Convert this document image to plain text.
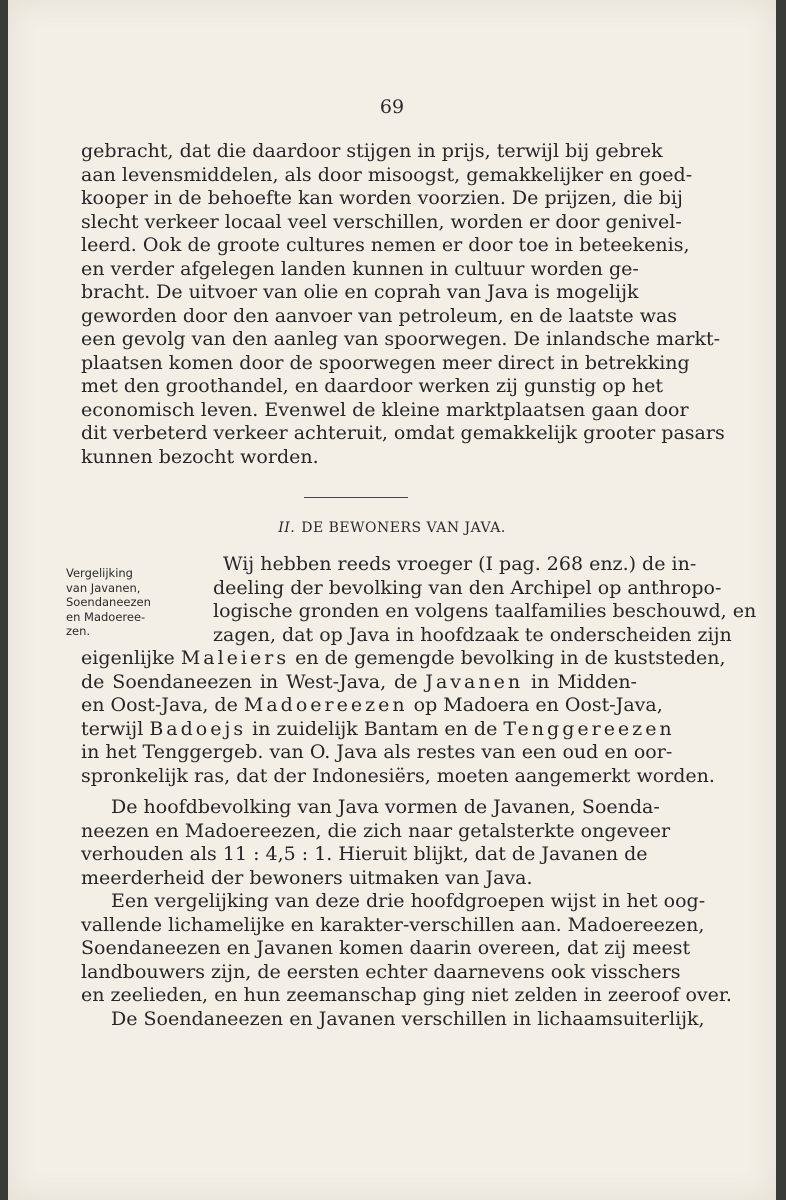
69
gebracht, dat die daardoor stijgen in prijs, terwijl bij gebrek
aan levensmiddelen, als door misoogst, gemakkelijker en goed-
kooper in de behoefte kan worden voorzien. De prijzen, die bij
slecht verkeer locaal veel verschillen, worden er door genivel-
leerd. Ook de groote cultures nemen er door toe in beteekenis,
en verder afgelegen landen kunnen in cultuur worden ge-
bracht. De uitvoer van olie en coprah van Java is mogelijk
geworden door den aanvoer van petroleum, en de laatste was
een gevolg van den aanleg van spoorwegen. De inlandsche markt-
plaatsen komen door de spoorwegen meer direct in betrekking
met den groothandel, en daardoor werken zij gunstig op het
economisch leven. Evenwel de kleine marktplaatsen gaan door
dit verbeterd verkeer achteruit, omdat gemakkelijk grooter pasars
kunnen bezocht worden.
II. DE BEWONERS VAN JAVA.
Vergelijking
van Javanen,
Soendaneezen
en Madoeree-
zen.
Wij hebben reeds vroeger (I pag. 268 enz.) de in-
deeling der bevolking van den Archipel op anthropo-
logische gronden en volgens taalfamilies beschouwd, en
zagen, dat op Java in hoofdzaak te onderscheiden zijn
eigenlijke Maleiers en de gemengde bevolking in de kuststeden,
de Soendaneezen in West-Java, de Javanen in Midden-
en Oost-Java, de Madoereezen op Madoera en Oost-Java,
terwijl Badoejs in zuidelijk Bantam en de Tenggereezen
in het Tenggergeb. van O. Java als restes van een oud en oor-
spronkelijk ras, dat der Indonesiërs, moeten aangemerkt worden.
De hoofdbevolking van Java vormen de Javanen, Soenda-
neezen en Madoereezen, die zich naar getalsterkte ongeveer
verhouden als 11 : 4,5 : 1. Hieruit blijkt, dat de Javanen de
meerderheid der bewoners uitmaken van Java.
Een vergelijking van deze drie hoofdgroepen wijst in het oog-
vallende lichamelijke en karakter-verschillen aan. Madoereezen,
Soendaneezen en Javanen komen daarin overeen, dat zij meest
landbouwers zijn, de eersten echter daarnevens ook visschers
en zeelieden, en hun zeemanschap ging niet zelden in zeeroof over.
De Soendaneezen en Javanen verschillen in lichaamsuiterlijk,
